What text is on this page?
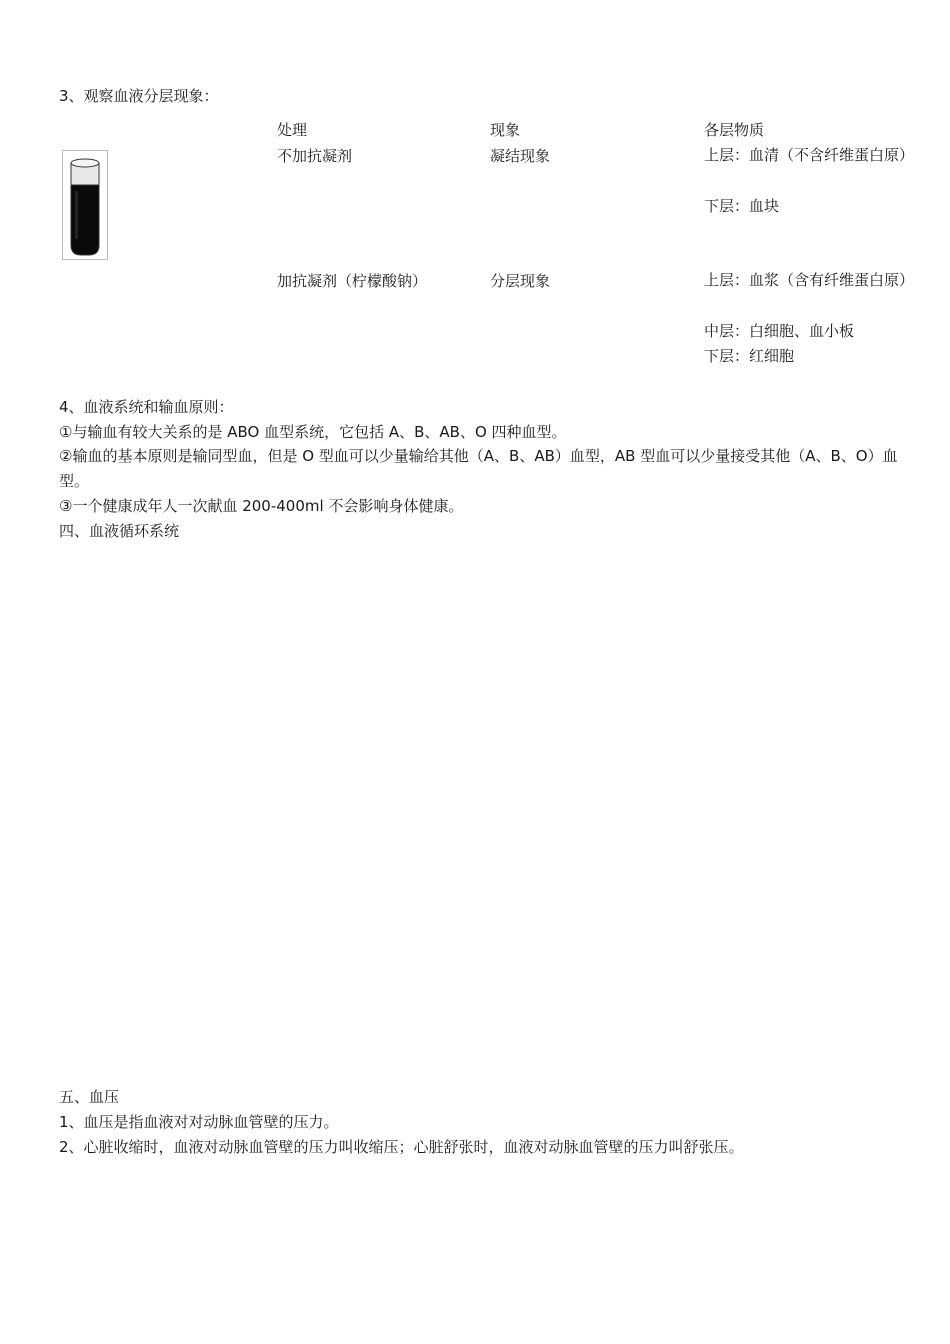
3、观察血液分层现象：
处理	现象	各层物质
不加抗凝剂	凝结现象	上层：血清（不含纤维蛋白原）
下层：血块
加抗凝剂（柠檬酸钠）	分层现象	上层：血浆（含有纤维蛋白原）
中层：白细胞、血小板
下层：红细胞
4、血液系统和输血原则：
①与输血有较大关系的是 ABO 血型系统，它包括 A、B、AB、O 四种血型。
②输血的基本原则是输同型血，但是 O 型血可以少量输给其他（A、B、AB）血型，AB 型血可以少量接受其他（A、B、O）血型。
③一个健康成年人一次献血 200-400ml 不会影响身体健康。
四、血液循环系统
五、血压
1、血压是指血液对对动脉血管壁的压力。
2、心脏收缩时，血液对动脉血管壁的压力叫收缩压；心脏舒张时，血液对动脉血管壁的压力叫舒张压。
